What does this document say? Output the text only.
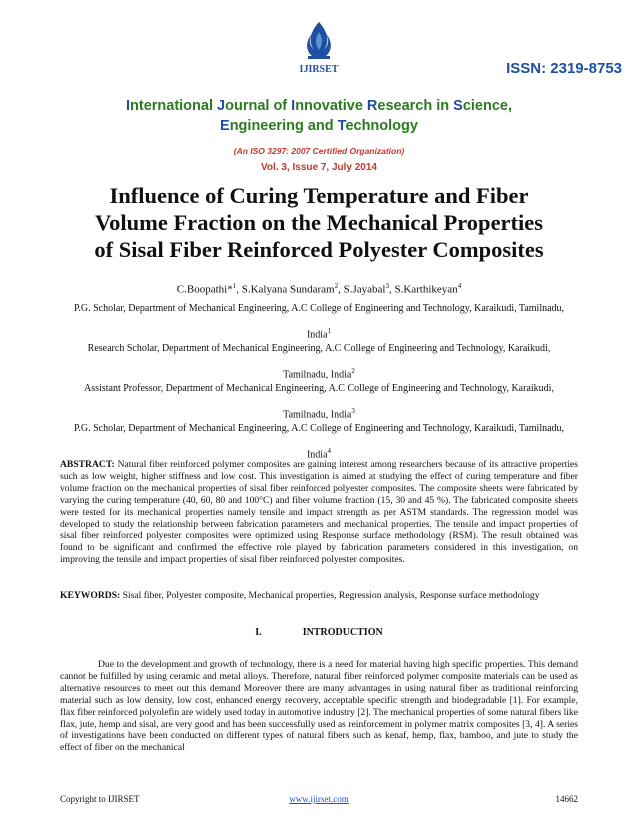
IJIRSET	ISSN: 2319-8753
International Journal of Innovative Research in Science,
Engineering and Technology
(An ISO 3297: 2007 Certified Organization)
Vol. 3, Issue 7, July 2014
Influence of Curing Temperature and Fiber
Volume Fraction on the Mechanical Properties
of Sisal Fiber Reinforced Polyester Composites
C.Boopathi*$^1$, S.Kalyana Sundaram$^2$, S.Jayabal$^3$, S.Karthikeyan$^4$
P.G. Scholar, Department of Mechanical Engineering, A.C College of Engineering and Technology, Karaikudi, Tamilnadu,
India$^1$
Research Scholar, Department of Mechanical Engineering, A.C College of Engineering and Technology, Karaikudi,
Tamilnadu, India$^2$
Assistant Professor, Department of Mechanical Engineering, A.C College of Engineering and Technology, Karaikudi,
Tamilnadu, India$^3$
P.G. Scholar, Department of Mechanical Engineering, A.C College of Engineering and Technology, Karaikudi, Tamilnadu,
India$^4$
ABSTRACT: Natural fiber reinforced polymer composites are gaining interest among researchers because of its attractive properties such as low weight, higher stiffness and low cost. This investigation is aimed at studying the effect of curing temperature and fiber volume fraction on the mechanical properties of sisal fiber reinforced polyester composites. The composite sheets were fabricated by varying the curing temperature (40, 60, 80 and 100°C) and fiber volume fraction (15, 30 and 45 %). The fabricated composite sheets were tested for its mechanical properties namely tensile and impact strength as per ASTM standards. The regression model was developed to study the relationship between fabrication parameters and mechanical properties. The tensile and impact properties of sisal fiber reinforced polyester composites were optimized using Response surface methodology (RSM). The result obtained was found to be significant and confirmed the effective role played by fabrication parameters considered in this investigation, on improving the tensile and impact properties of sisal fiber reinforced polyester composites.
KEYWORDS: Sisal fiber, Polyester composite, Mechanical properties, Regression analysis, Response surface methodology
I.	INTRODUCTION
Due to the development and growth of technology, there is a need for material having high specific properties. This demand cannot be fulfilled by using ceramic and metal alloys. Therefore, natural fiber reinforced polymer composite materials can be used as alternative resources to meet out this demand Moreover there are many advantages in using natural fiber as traditional reinforcing material such as low density, low cost, enhanced energy recovery, acceptable specific strength and biodegradable [1]. For example, flax fiber reinforced polyolefin are widely used today in automotive industry [2]. The mechanical properties of some natural fibers like flax, jute, hemp and sisal, are very good and has been successfully used as reinforcement in polymer matrix composites [3, 4]. A series of investigations have been conducted on different types of natural fibers such as kenaf, hemp, flax, bamboo, and jute to study the effect of fiber on the mechanical
Copyright to IJIRSET	www.ijirset.com	14662
